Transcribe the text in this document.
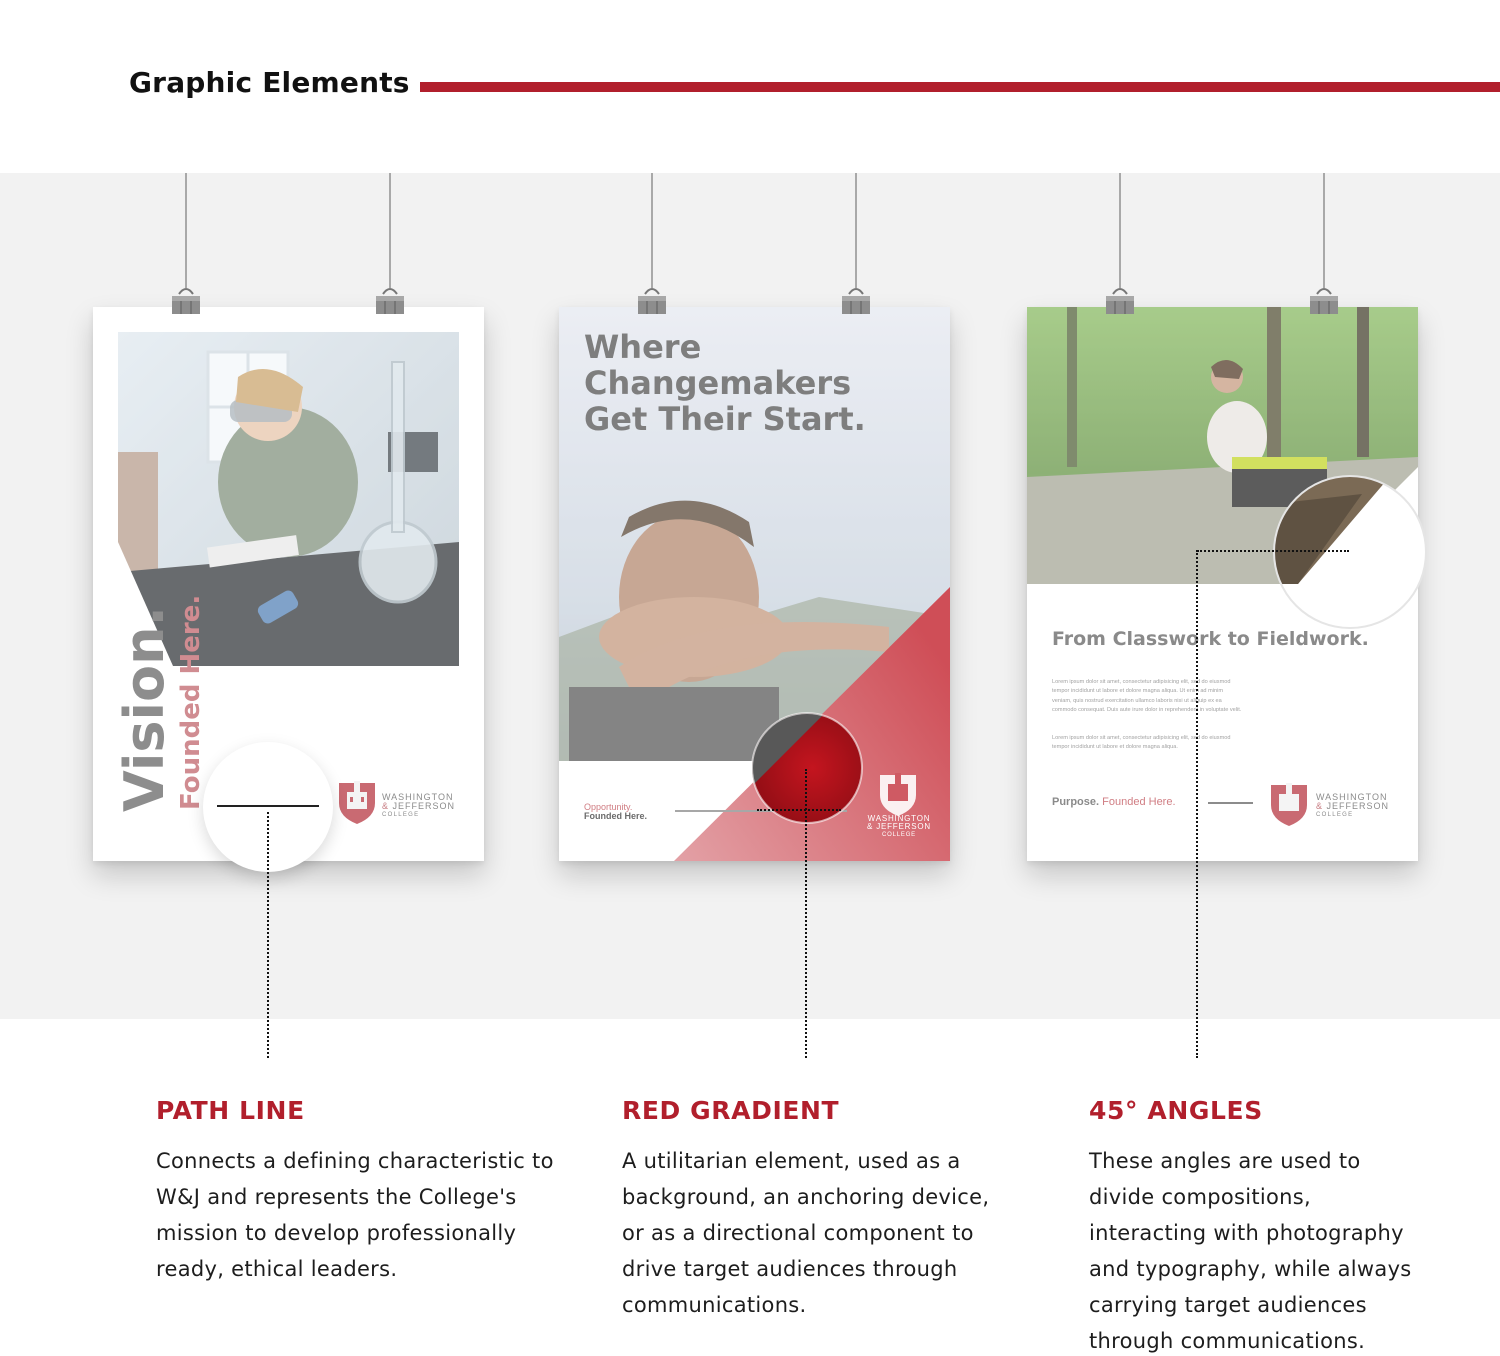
Graphic Elements
Vision. Founded Here.	WASHINGTON
& JEFFERSON
COLLEGE
Where Changemakers Get Their Start.
Opportunity.
Founded Here.	WASHINGTON
& JEFFERSON
COLLEGE
From Classwork to Fieldwork.
Lorem ipsum dolor sit amet, consectetur adipisicing elit, sed do eiusmod tempor incididunt ut labore et dolore magna aliqua. Ut enim ad minim veniam, quis nostrud exercitation ullamco laboris nisi ut aliquip ex ea commodo consequat. Duis aute irure dolor in reprehenderit in voluptate velit.
Lorem ipsum dolor sit amet, consectetur adipisicing elit, sed do eiusmod tempor incididunt ut labore et dolore magna aliqua.
Purpose. Founded Here.	WASHINGTON
& JEFFERSON
COLLEGE
PATH LINE
Connects a defining characteristic to W&J and represents the College's mission to develop professionally ready, ethical leaders.
RED GRADIENT
A utilitarian element, used as a background, an anchoring device, or as a directional component to drive target audiences through communications.
45° ANGLES
These angles are used to divide compositions, interacting with photography and typography, while always carrying target audiences through communications.
